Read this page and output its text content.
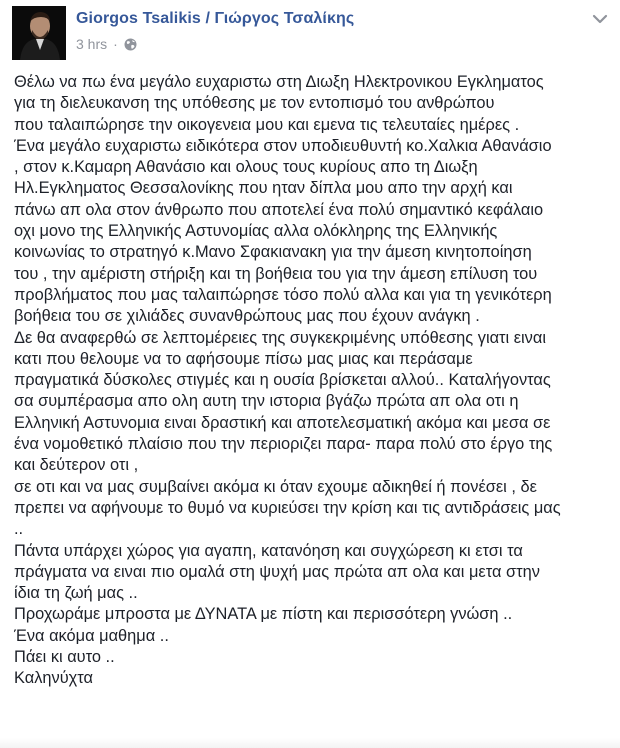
Giorgos Tsalikis / Γιώργος Τσαλίκης
3 hrs ·
Θέλω να πω ένα μεγάλο ευχαριστω στη Διωξη Ηλεκτρονικου Εγκληματος
για τη διελευκανση της υπόθεσης με τον εντοπισμό του ανθρώπου
που ταλαιπώρησε την οικογενεια μου και εμενα τις τελευταίες ημέρες .
Ένα μεγάλο ευχαριστω ειδικότερα στον υποδιευθυντή κο.Χαλκια Αθανάσιο
, στον κ.Καμαρη Αθανάσιο και ολους τους κυρίους απο τη Διωξη
Ηλ.Εγκληματος Θεσσαλονίκης που ηταν δίπλα μου απο την αρχή και
πάνω απ ολα στον άνθρωπο που αποτελεί ένα πολύ σημαντικό κεφάλαιο
οχι μονο της Ελληνικής Αστυνομίας αλλα ολόκληρης της Ελληνικής
κοινωνίας το στρατηγό κ.Μανο Σφακιανακη για την άμεση κινητοποίηση
του , την αμέριστη στήριξη και τη βοήθεια του για την άμεση επίλυση του
προβλήματος που μας ταλαιπώρησε τόσο πολύ αλλα και για τη γενικότερη
βοήθεια του σε χιλιάδες συνανθρώπους μας που έχουν ανάγκη .
Δε θα αναφερθώ σε λεπτομέρειες της συγκεκριμένης υπόθεσης γιατι ειναι
κατι που θελουμε να το αφήσουμε πίσω μας μιας και περάσαμε
πραγματικά δύσκολες στιγμές και η ουσία βρίσκεται αλλού.. Καταλήγοντας
σα συμπέρασμα απο ολη αυτη την ιστορια βγάζω πρώτα απ ολα οτι η
Ελληνική Αστυνομια ειναι δραστική και αποτελεσματική ακόμα και μεσα σε
ένα νομοθετικό πλαίσιο που την περιοριζει παρα- παρα πολύ στο έργο της
και δεύτερον οτι ,
σε οτι και να μας συμβαίνει ακόμα κι όταν εχουμε αδικηθεί ή πονέσει , δε
πρεπει να αφήνουμε το θυμό να κυριεύσει την κρίση και τις αντιδράσεις μας
..
Πάντα υπάρχει χώρος για αγαπη, κατανόηση και συγχώρεση κι ετσι τα
πράγματα να ειναι πιο ομαλά στη ψυχή μας πρώτα απ ολα και μετα στην
ίδια τη ζωή μας ..
Προχωράμε μπροστα με ΔΥΝΑΤΑ με πίστη και περισσότερη γνώση ..
Ένα ακόμα μαθημα ..
Πάει κι αυτο ..
Καληνύχτα
